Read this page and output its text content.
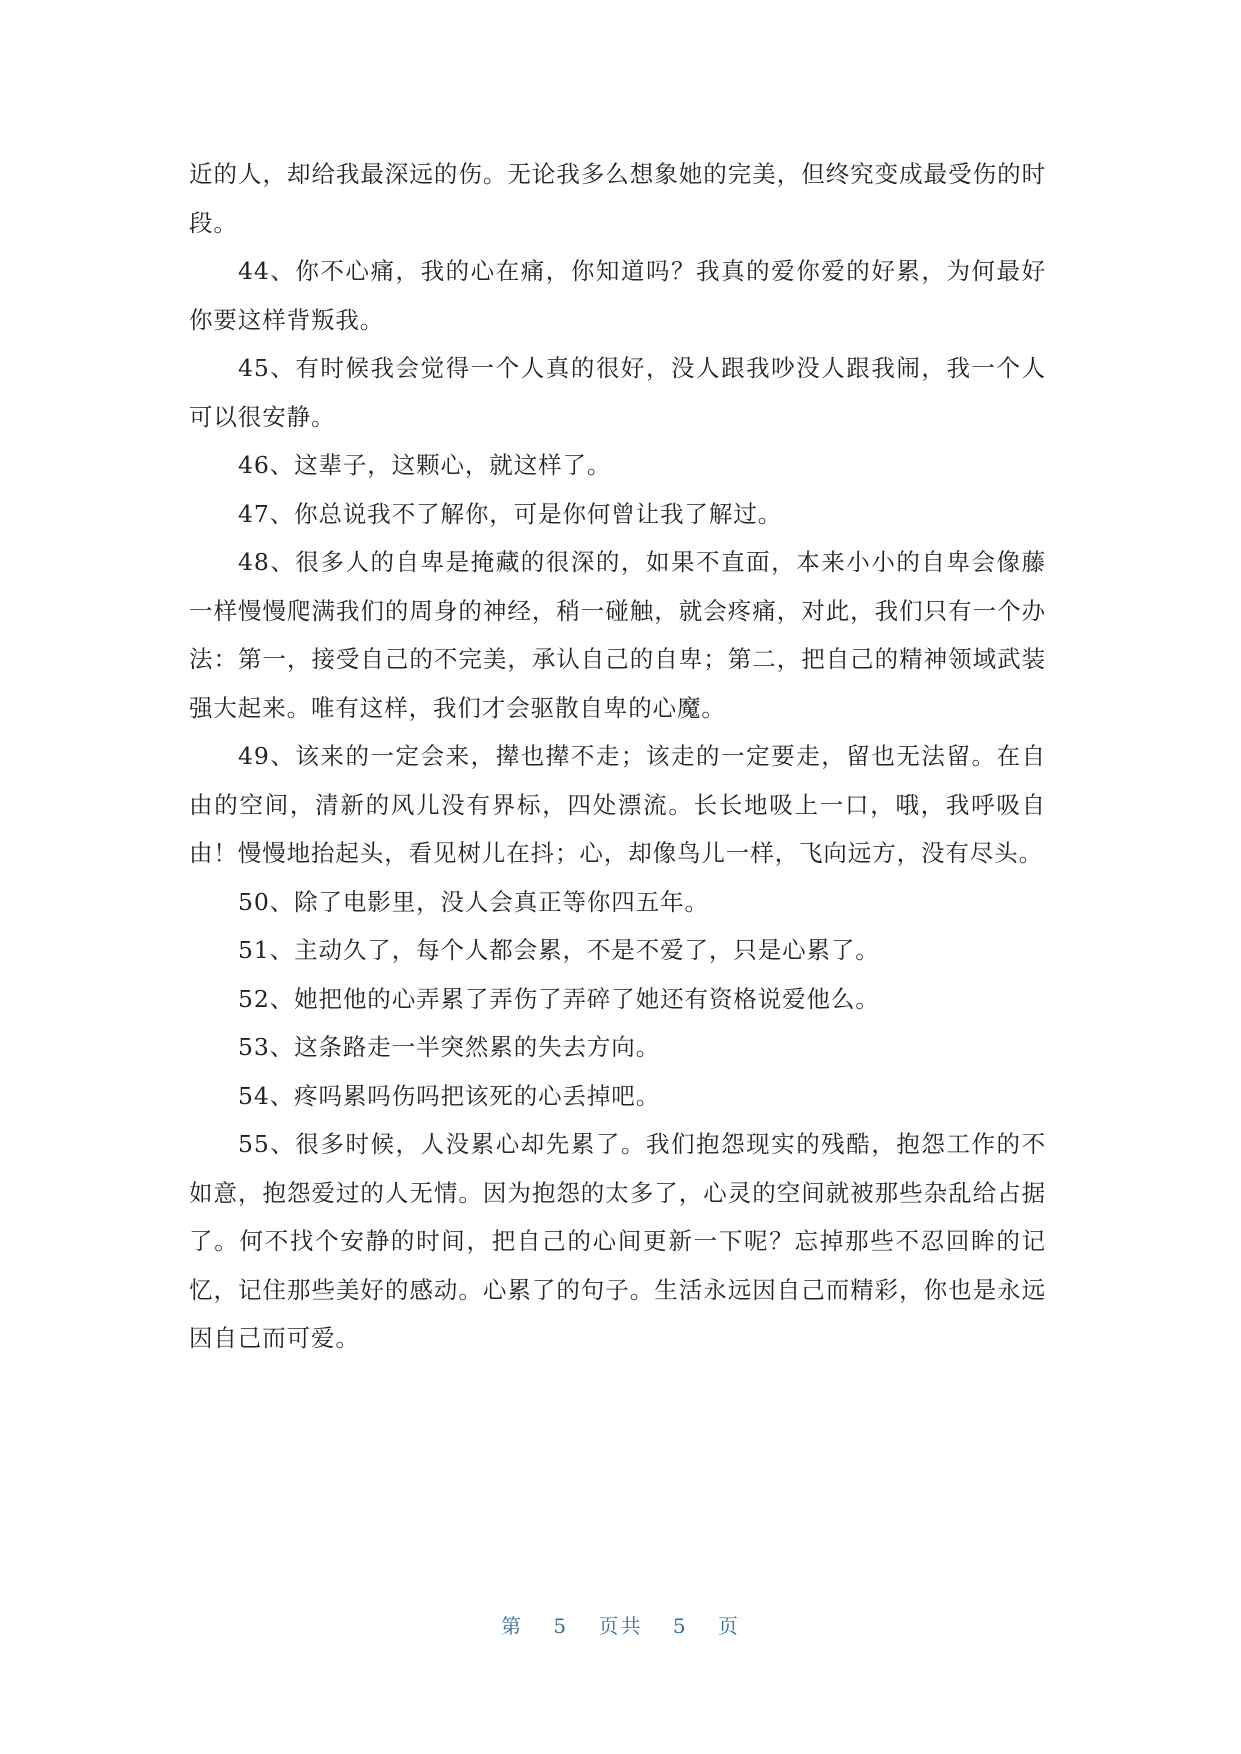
近的人，却给我最深远的伤。无论我多么想象她的完美，但终究变成最受伤的时段。

44、你不心痛，我的心在痛，你知道吗？我真的爱你爱的好累，为何最好你要这样背叛我。

45、有时候我会觉得一个人真的很好，没人跟我吵没人跟我闹，我一个人可以很安静。

46、这辈子，这颗心，就这样了。

47、你总说我不了解你，可是你何曾让我了解过。

48、很多人的自卑是掩藏的很深的，如果不直面，本来小小的自卑会像藤一样慢慢爬满我们的周身的神经，稍一碰触，就会疼痛，对此，我们只有一个办法：第一，接受自己的不完美，承认自己的自卑；第二，把自己的精神领域武装强大起来。唯有这样，我们才会驱散自卑的心魔。

49、该来的一定会来，撵也撵不走；该走的一定要走，留也无法留。在自由的空间，清新的风儿没有界标，四处漂流。长长地吸上一口，哦，我呼吸自由！慢慢地抬起头，看见树儿在抖；心，却像鸟儿一样，飞向远方，没有尽头。

50、除了电影里，没人会真正等你四五年。

51、主动久了，每个人都会累，不是不爱了，只是心累了。

52、她把他的心弄累了弄伤了弄碎了她还有资格说爱他么。

53、这条路走一半突然累的失去方向。

54、疼吗累吗伤吗把该死的心丢掉吧。

55、很多时候，人没累心却先累了。我们抱怨现实的残酷，抱怨工作的不如意，抱怨爱过的人无情。因为抱怨的太多了，心灵的空间就被那些杂乱给占据了。何不找个安静的时间，把自己的心间更新一下呢？忘掉那些不忍回眸的记忆，记住那些美好的感动。心累了的句子。生活永远因自己而精彩，你也是永远因自己而可爱。

第 5 页共 5 页
